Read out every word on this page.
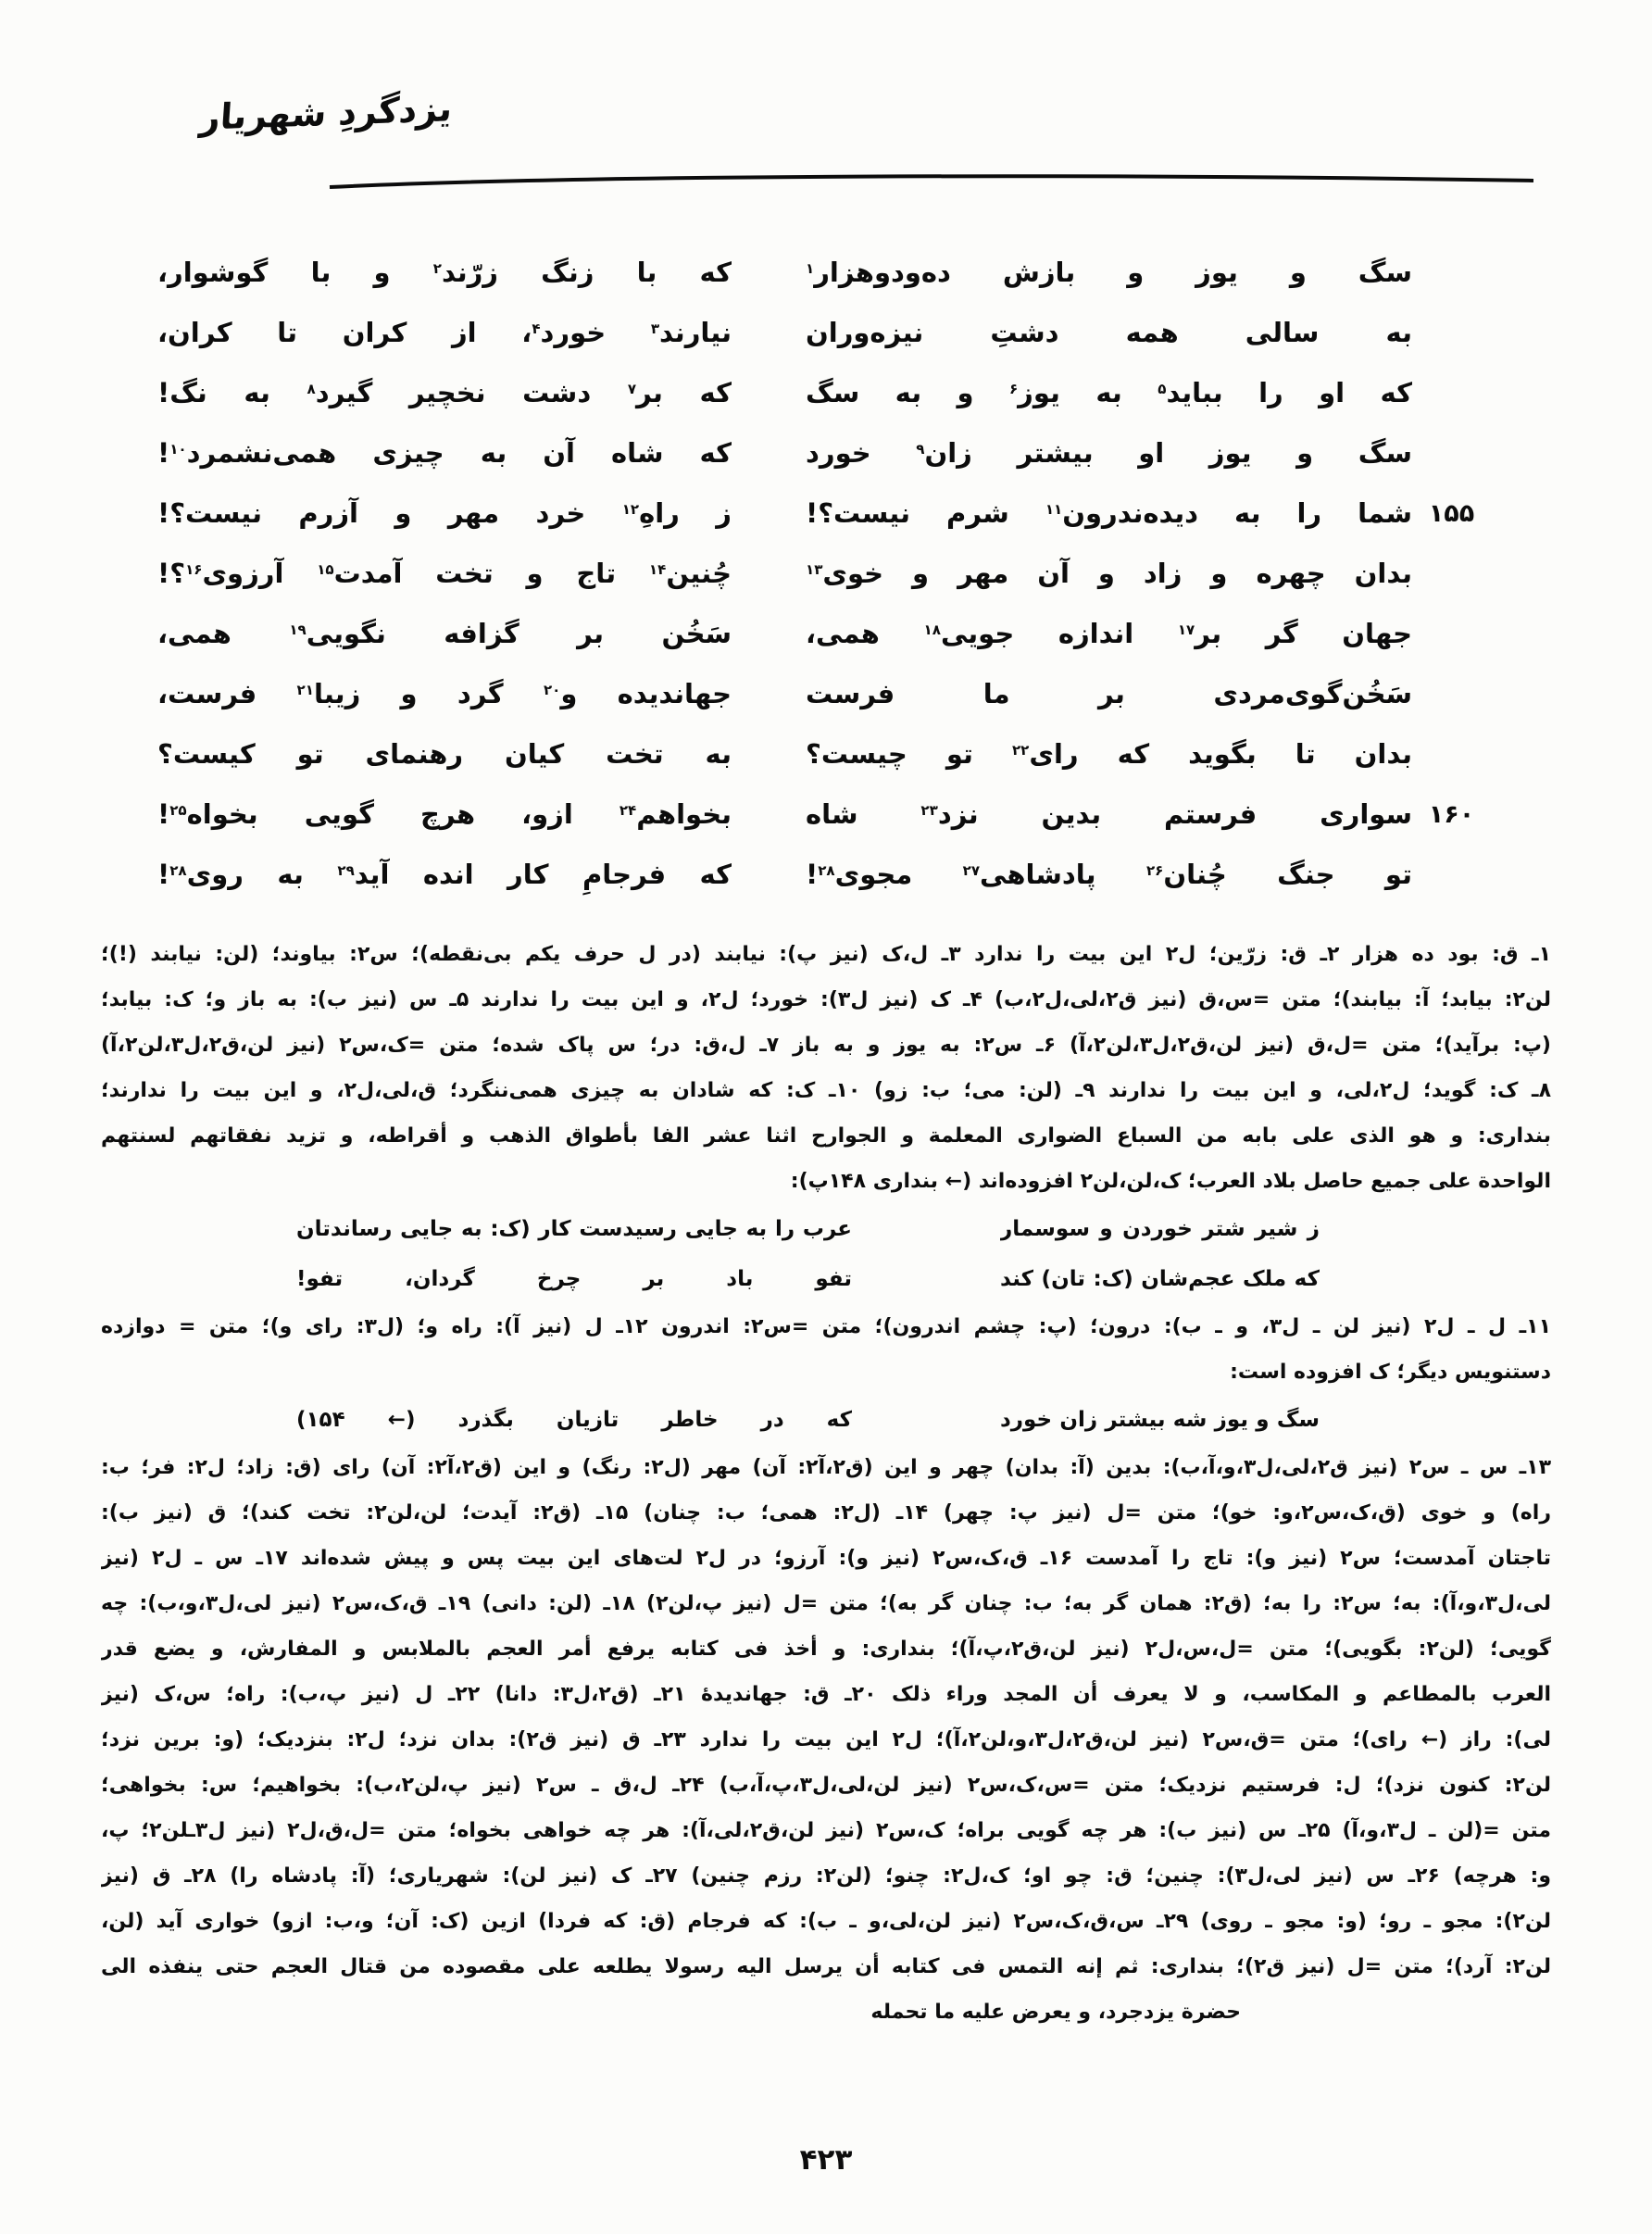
یزدگردِ شهریار
سگ و یوز و بازش ده‌ودوهزار$^۱$
که با زنگ زرّند$^۲$ و با گوشوار،
به سالی همه دشتِ نیزه‌وران
نیارند$^۳$ خورد$^۴$، از کران تا کران،
که او را بباید$^۵$ به یوز$^۶$ و به سگ
که بر$^۷$ دشت نخچیر گیرد$^۸$ به نگ!
سگ و یوز او بیشتر زان$^۹$ خورد
که شاه آن به چیزی همی‌نشمرد$^{۱۰}$!
۱۵۵
شما را به دیده‌ندرون$^{۱۱}$ شرم نیست؟!
ز راهِ$^{۱۲}$ خرد مهر و آزرم نیست؟!
بدان چهره و زاد و آن مهر و خوی$^{۱۳}$
چُنین$^{۱۴}$ تاج و تخت آمدت$^{۱۵}$ آرزوی$^{۱۶}$؟!
جهان گر بر$^{۱۷}$ اندازه جویی$^{۱۸}$ همی،
سَخُن بر گزافه نگویی$^{۱۹}$ همی،
سَخُن‌گوی‌مردی بر ما فرست
جهاندیده و$^{۲۰}$ گرد و زیبا$^{۲۱}$ فرست،
بدان تا بگوید که رای$^{۲۲}$ تو چیست؟
به تخت کیان رهنمای تو کیست؟
۱۶۰
سواری فرستم بدین نزد$^{۲۳}$ شاه
بخواهم$^{۲۴}$ ازو، هرچ گویی بخواه$^{۲۵}$!
تو جنگ چُنان$^{۲۶}$ پادشاهی$^{۲۷}$ مجوی$^{۲۸}$!
که فرجامِ کار انده آید$^{۲۹}$ به روی$^{۲۸}$!
۱ـ ق: بود ده هزار ۲ـ ق: زرّین؛ ل۲ این بیت را ندارد ۳ـ ل،ک (نیز پ): نیابند (در ل حرف یکم بی‌نقطه)؛ س۲: بیاوند؛ (لن: نیابند (!)؛
لن۲: بیابد؛ آ: بیابند)؛ متن =س،ق (نیز ق۲،لی،ل۲،ب) ۴ـ ک (نیز ل۳): خورد؛ ل۲، و این بیت را ندارند ۵ـ س (نیز ب): به باز و؛ ک: بیابد؛
(پ: برآید)؛ متن =ل،ق (نیز لن،ق۲،ل۳،لن۲،آ) ۶ـ س۲: به یوز و به باز ۷ـ ل،ق: در؛ س پاک شده؛ متن =ک،س۲ (نیز لن،ق۲،ل۳،لن۲،آ)
۸ـ ک: گوید؛ ل۲،لی، و این بیت را ندارند ۹ـ (لن: می؛ ب: زو) ۱۰ـ ک: که شادان به چیزی همی‌ننگرد؛ ق،لی،ل۲، و این بیت را ندارند؛
بنداری: و هو الذی علی بابه من السباع الضواری المعلمة و الجوارح اثنا عشر الفا بأطواق الذهب و أقراطه، و تزید نفقاتهم لسنتهم
الواحدة علی جمیع حاصل بلاد العرب؛ ک،لن،لن۲ افزوده‌اند (← بنداری ۱۴۸پ):
ز شیر شتر خوردن و سوسمار
عرب را به جایی رسیدست کار (ک: به جایی رساندتان
که ملک عجم‌شان (ک: تان) کند
تفو باد بر چرخ گردان، تفو!
۱۱ـ ل ـ ل۲ (نیز لن ـ ل۳، و ـ ب): درون؛ (پ: چشم اندرون)؛ متن =س۲: اندرون ۱۲ـ ل (نیز آ): راه و؛ (ل۳: رای و)؛ متن = دوازده
دستنویس دیگر؛ ک افزوده است:
سگ و یوز شه بیشتر زان خورد
که در خاطر تازیان بگذرد (← ۱۵۴)
۱۳ـ س ـ س۲ (نیز ق۲،لی،ل۳،و،آ،ب): بدین (آ: بدان) چهر و این (ق۲،آ۲: آن) مهر (ل۲: رنگ) و این (ق۲،آ۲: آن) رای (ق: زاد؛ ل۲: فر؛ ب:
راه) و خوی (ق،ک،س۲،و: خو)؛ متن =ل (نیز پ: چهر) ۱۴ـ (ل۲: همی؛ ب: چنان) ۱۵ـ (ق۲: آیدت؛ لن،لن۲: تخت کند)؛ ق (نیز ب):
تاجتان آمدست؛ س۲ (نیز و): تاج را آمدست ۱۶ـ ق،ک،س۲ (نیز و): آرزو؛ در ل۲ لت‌های این بیت پس و پیش شده‌اند ۱۷ـ س ـ ل۲ (نیز
لی،ل۳،و،آ): به؛ س۲: را به؛ (ق۲: همان گر به؛ ب: چنان گر به)؛ متن =ل (نیز پ،لن۲) ۱۸ـ (لن: دانی) ۱۹ـ ق،ک،س۲ (نیز لی،ل۳،و،ب): چه
گویی؛ (لن۲: بگویی)؛ متن =ل،س،ل۲ (نیز لن،ق۲،پ،آ)؛ بنداری: و أخذ فی کتابه یرفع أمر العجم بالملابس و المفارش، و یضع قدر
العرب بالمطاعم و المکاسب، و لا یعرف أن المجد وراء ذلک ۲۰ـ ق: جهاندیدۀ ۲۱ـ (ق۲،ل۳: دانا) ۲۲ـ ل (نیز پ،ب): راه؛ س،ک (نیز
لی): راز (← رای)؛ متن =ق،س۲ (نیز لن،ق۲،ل۳،و،لن۲،آ)؛ ل۲ این بیت را ندارد ۲۳ـ ق (نیز ق۲): بدان نزد؛ ل۲: بنزدیک؛ (و: برین نزد؛
لن۲: کنون نزد)؛ ل: فرستیم نزدیک؛ متن =س،ک،س۲ (نیز لن،لی،ل۳،پ،آ،ب) ۲۴ـ ل،ق ـ س۲ (نیز پ،لن۲،ب): بخواهیم؛ س: بخواهی؛
متن =(لن ـ ل۳،و،آ) ۲۵ـ س (نیز ب): هر چه گویی براه؛ ک،س۲ (نیز لن،ق۲،لی،آ): هر چه خواهی بخواه؛ متن =ل،ق،ل۲ (نیز ل۳ـلن۲؛ پ،
و: هرچه) ۲۶ـ س (نیز لی،ل۳): چنین؛ ق: چو او؛ ک،ل۲: چنو؛ (لن۲: رزم چنین) ۲۷ـ ک (نیز لن): شهریاری؛ (آ: پادشاه را) ۲۸ـ ق (نیز
لن۲): مجو ـ رو؛ (و: مجو ـ روی) ۲۹ـ س،ق،ک،س۲ (نیز لن،لی،و ـ ب): که فرجام (ق: که فردا) ازین (ک: آن؛ و،ب: ازو) خواری آید (لن،
لن۲: آرد)؛ متن =ل (نیز ق۲)؛ بنداری: ثم إنه التمس فی کتابه أن یرسل الیه رسولا یطلعه علی مقصوده من قتال العجم حتی ینفذه الی
حضرة یزدجرد، و یعرض علیه ما تحمله
۴۲۳
